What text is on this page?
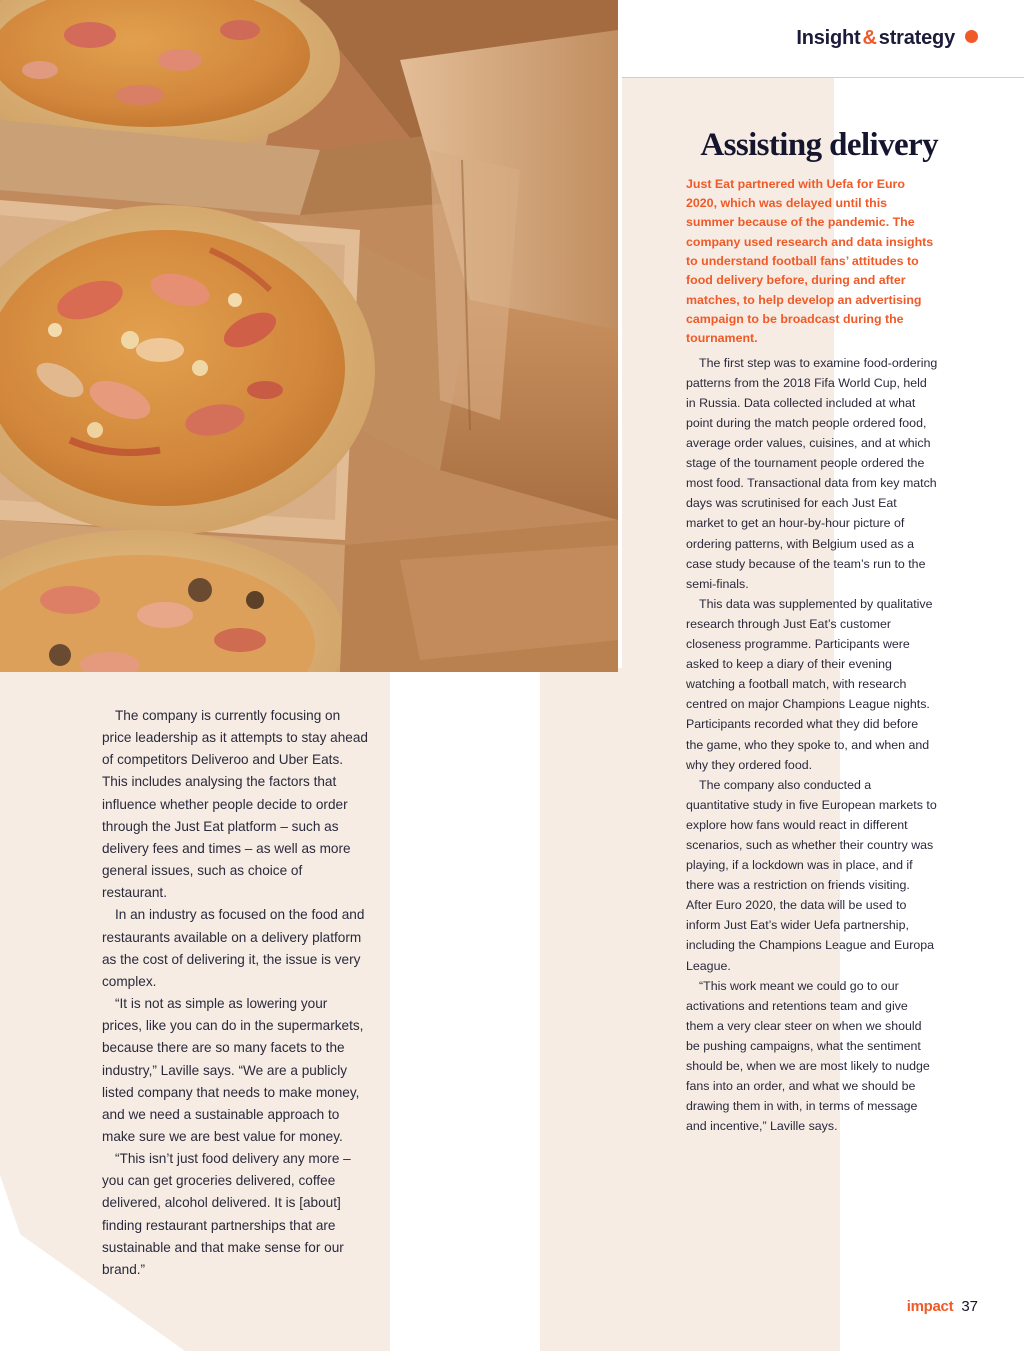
Insight & strategy
Assisting delivery

Just Eat partnered with Uefa for Euro 2020, which was delayed until this summer because of the pandemic. The company used research and data insights to understand football fans’ attitudes to food delivery before, during and after matches, to help develop an advertising campaign to be broadcast during the tournament.

The first step was to examine food-ordering patterns from the 2018 Fifa World Cup, held in Russia. Data collected included at what point during the match people ordered food, average order values, cuisines, and at which stage of the tournament people ordered the most food. Transactional data from key match days was scrutinised for each Just Eat market to get an hour-by-hour picture of ordering patterns, with Belgium used as a case study because of the team’s run to the semi-finals.

This data was supplemented by qualitative research through Just Eat’s customer closeness programme. Participants were asked to keep a diary of their evening watching a football match, with research centred on major Champions League nights. Participants recorded what they did before the game, who they spoke to, and when and why they ordered food.

The company also conducted a quantitative study in five European markets to explore how fans would react in different scenarios, such as whether their country was playing, if a lockdown was in place, and if there was a restriction on friends visiting. After Euro 2020, the data will be used to inform Just Eat’s wider Uefa partnership, including the Champions League and Europa League.

“This work meant we could go to our activations and retentions team and give them a very clear steer on when we should be pushing campaigns, what the sentiment should be, when we are most likely to nudge fans into an order, and what we should be drawing them in with, in terms of message and incentive,” Laville says.

The company is currently focusing on price leadership as it attempts to stay ahead of competitors Deliveroo and Uber Eats. This includes analysing the factors that influence whether people decide to order through the Just Eat platform – such as delivery fees and times – as well as more general issues, such as choice of restaurant.

In an industry as focused on the food and restaurants available on a delivery platform as the cost of delivering it, the issue is very complex.

“It is not as simple as lowering your prices, like you can do in the supermarkets, because there are so many facets to the industry,” Laville says. “We are a publicly listed company that needs to make money, and we need a sustainable approach to make sure we are best value for money.

“This isn’t just food delivery any more – you can get groceries delivered, coffee delivered, alcohol delivered. It is [about] finding restaurant partnerships that are sustainable and that make sense for our brand.”

impact 37
